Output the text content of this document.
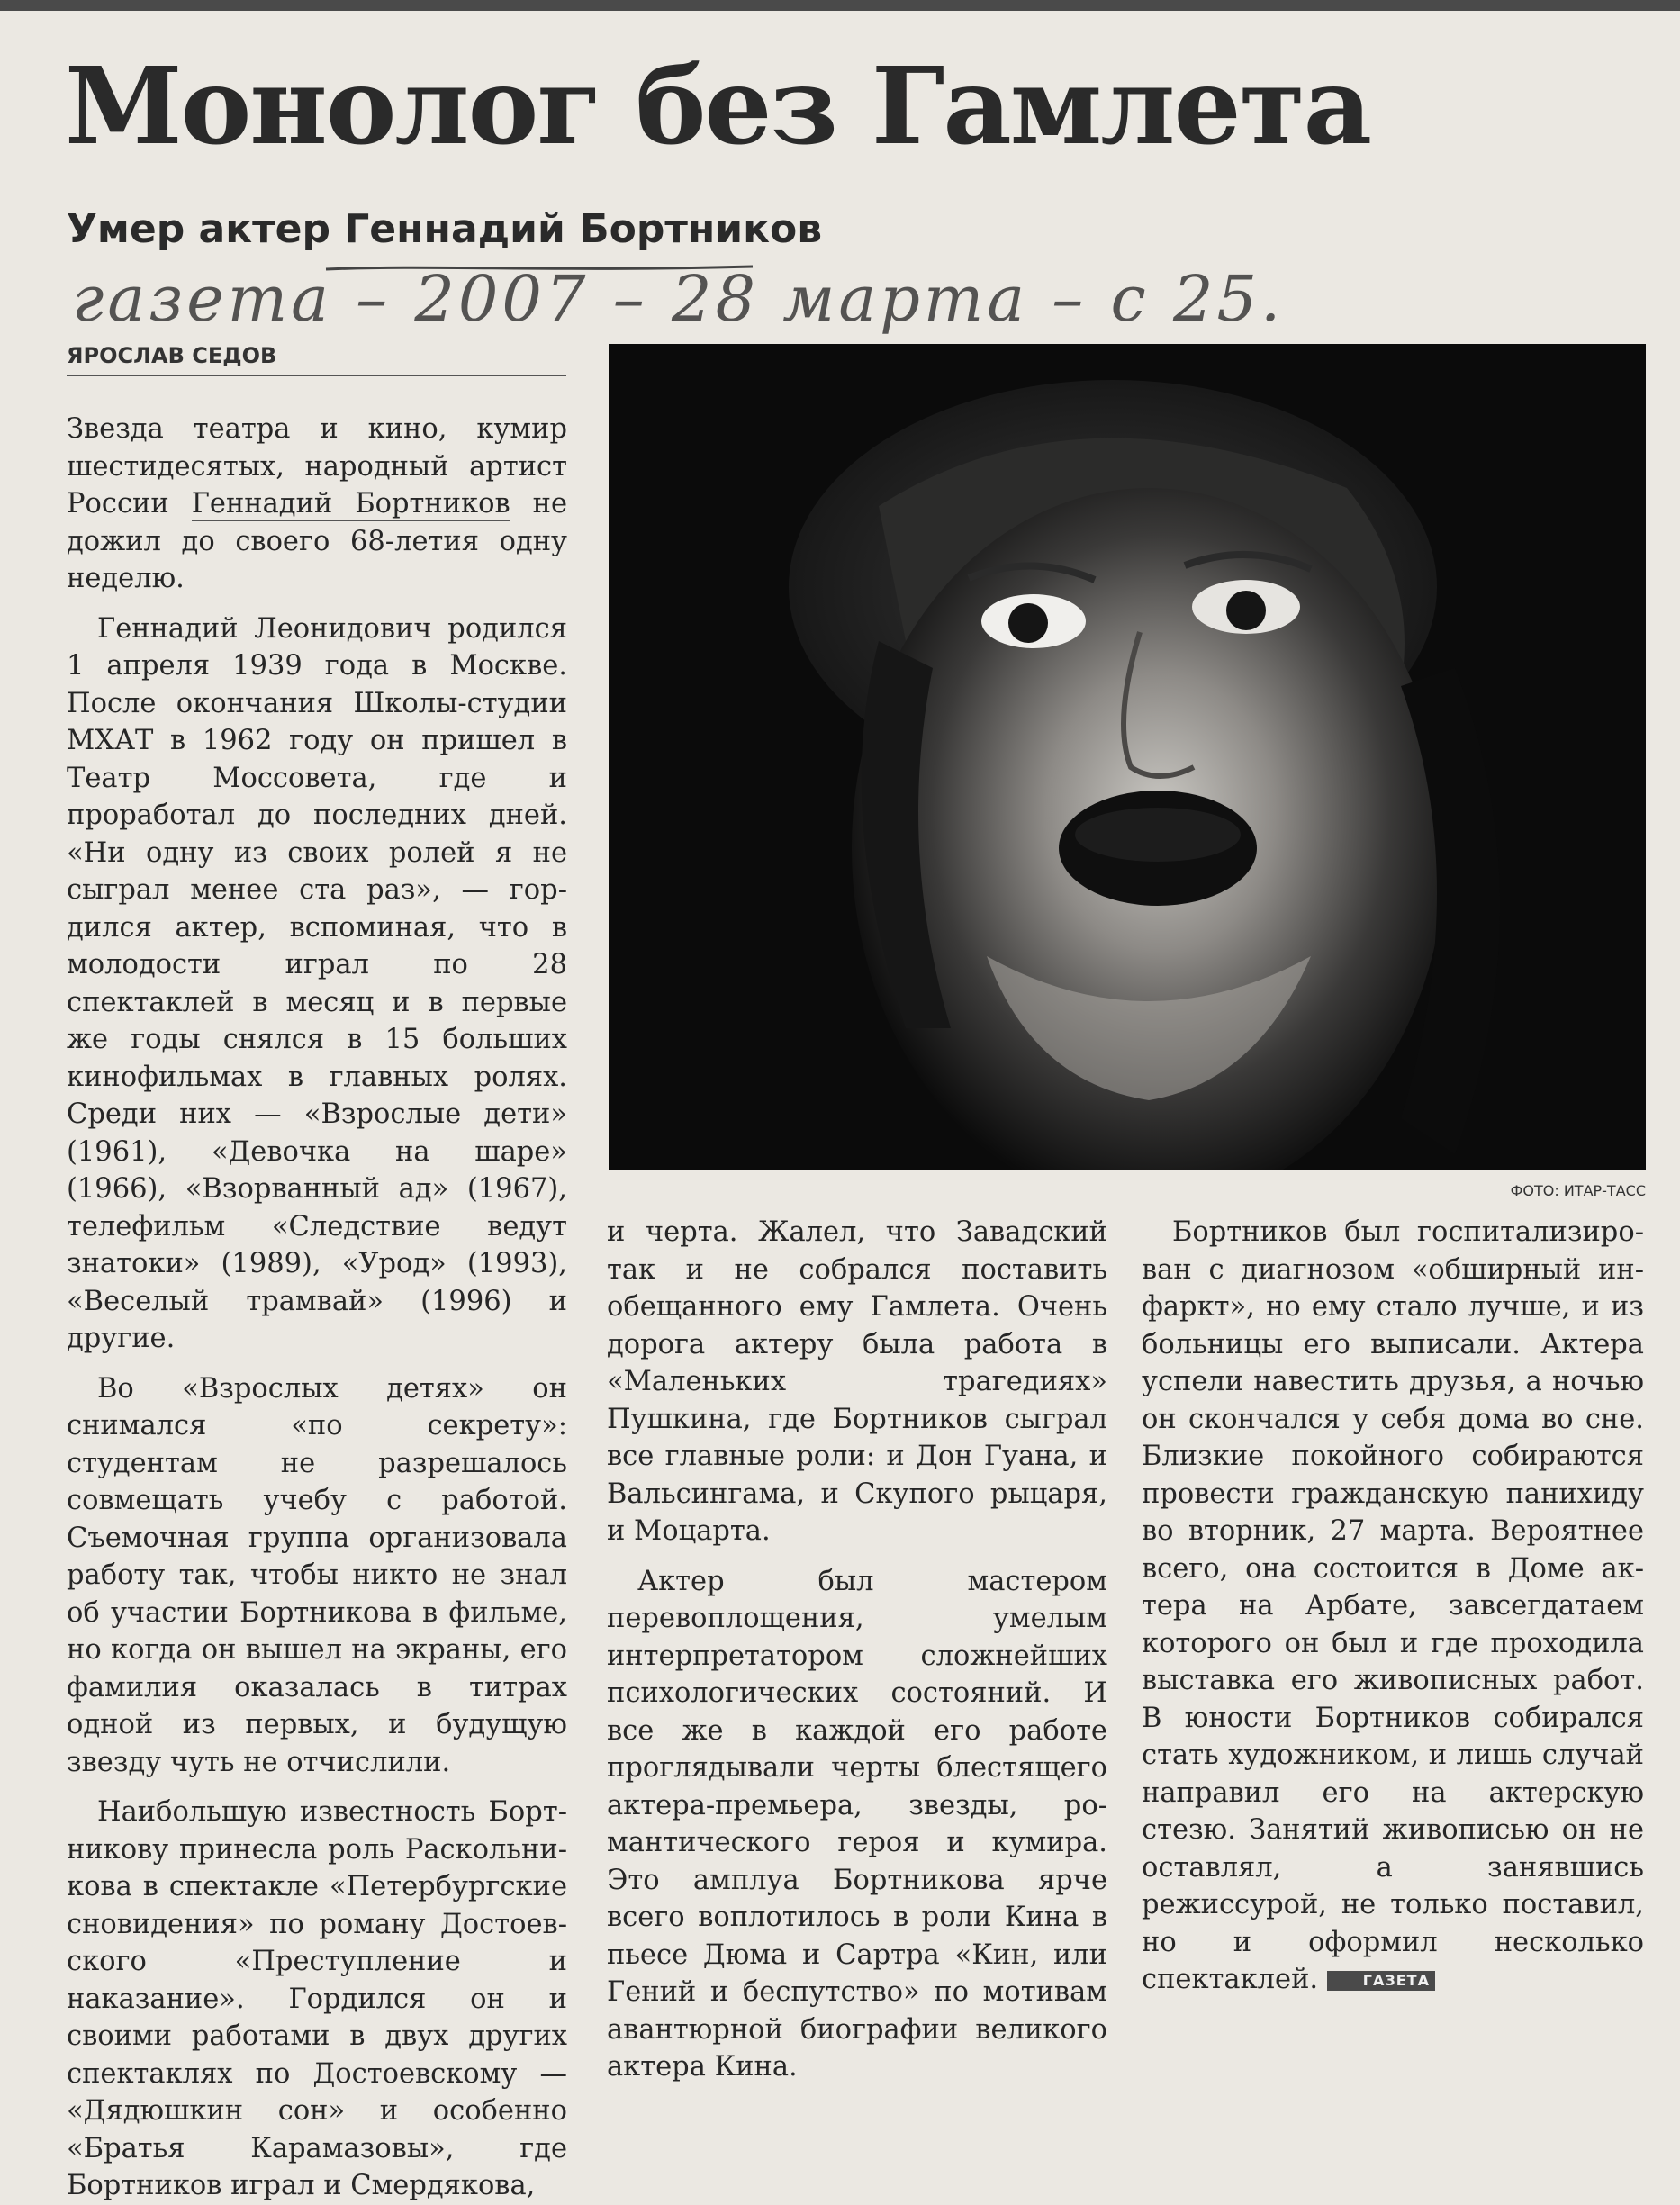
Монолог без Гамлета
Умер актер Геннадий Бортников
газета – 2007 – 28 марта – с 25.
ЯРОСЛАВ СЕДОВ
ФОТО: ИТАР-ТАСС

Звезда театра и кино, кумир шестидесятых, народный артист России Геннадий Бортников не дожил до своего 68-летия одну неделю.

Геннадий Леонидович родился 1 апреля 1939 года в Москве. После окончания Школы-студии МХАТ в 1962 году он пришел в Театр Моссовета, где и проработал до последних дней. «Ни одну из своих ролей я не сыграл менее ста раз», — гордился актер, вспоминая, что в молодости играл по 28 спектаклей в месяц и в первые же годы снялся в 15 больших кинофильмах в главных ролях. Среди них — «Взрослые дети» (1961), «Девочка на шаре» (1966), «Взорванный ад» (1967), телефильм «Следствие ведут знатоки» (1989), «Урод» (1993), «Веселый трамвай» (1996) и другие.

Во «Взрослых детях» он снимался «по секрету»: студентам не разрешалось совмещать учебу с работой. Съемочная группа организовала работу так, чтобы никто не знал об участии Бортникова в фильме, но когда он вышел на экраны, его фамилия оказалась в титрах одной из первых, и будущую звезду чуть не отчислили.

Наибольшую известность Бортникову принесла роль Раскольникова в спектакле «Петербургские сновидения» по роману Достоевского «Преступление и наказание». Гордился он и своими работами в двух других спектаклях по Достоевскому — «Дядюшкин сон» и особенно «Братья Карамазовы», где Бортников играл и Смердякова,

и черта. Жалел, что Завадский так и не собрался поставить обещанного ему Гамлета. Очень дорога актеру была работа в «Маленьких трагедиях» Пушкина, где Бортников сыграл все главные роли: и Дон Гуана, и Вальсингама, и Скупого рыцаря, и Моцарта.

Актер был мастером перевоплощения, умелым интерпретатором сложнейших психологических состояний. И все же в каждой его работе проглядывали черты блестящего актера-премьера, звезды, романтического героя и кумира. Это амплуа Бортникова ярче всего воплотилось в роли Кина в пьесе Дюма и Сартра «Кин, или Гений и беспутство» по мотивам авантюрной биографии великого актера Кина.

Бортников был госпитализирован с диагнозом «обширный инфаркт», но ему стало лучше, и из больницы его выписали. Актера успели навестить друзья, а ночью он скончался у себя дома во сне. Близкие покойного собираются провести гражданскую панихиду во вторник, 27 марта. Вероятнее всего, она состоится в Доме актера на Арбате, завсегдатаем которого он был и где проходила выставка его живописных работ. В юности Бортников собирался стать художником, и лишь случай направил его на актерскую стезю. Занятий живописью он не оставлял, а занявшись режиссурой, не только поставил, но и оформил несколько спектаклей.	ГАЗЕТА
